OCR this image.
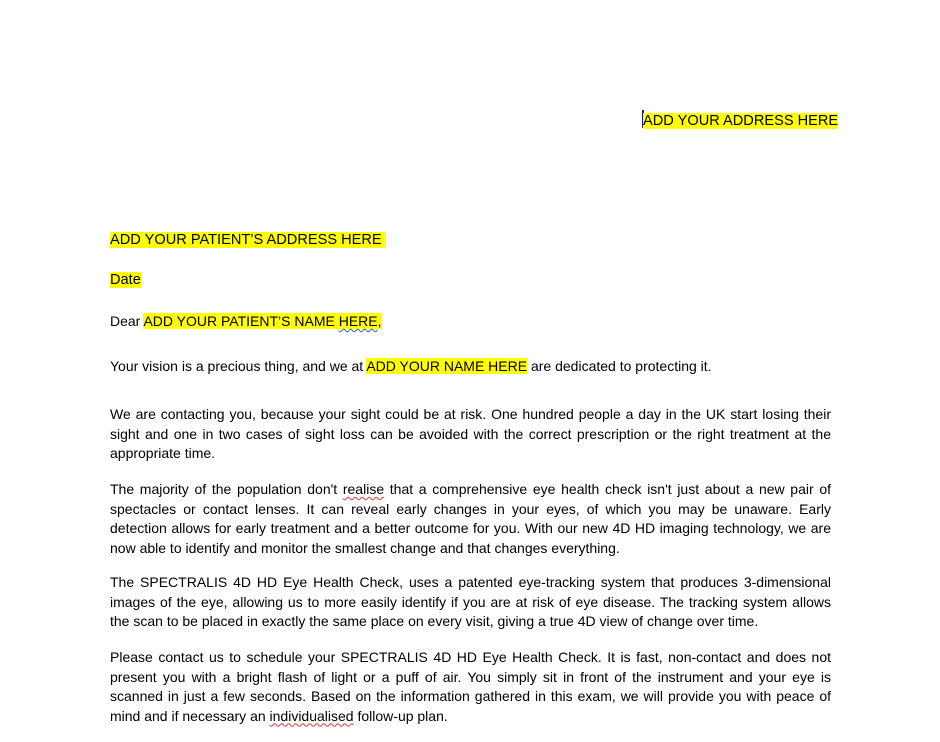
ADD YOUR ADDRESS HERE
ADD YOUR PATIENT’S ADDRESS HERE
Date
Dear ADD YOUR PATIENT’S NAME HERE,
Your vision is a precious thing, and we at ADD YOUR NAME HERE are dedicated to protecting it.

We are contacting you, because your sight could be at risk. One hundred people a day in the UK start losing their sight and one in two cases of sight loss can be avoided with the correct prescription or the right treatment at the appropriate time.

The majority of the population don't realise that a comprehensive eye health check isn't just about a new pair of spectacles or contact lenses. It can reveal early changes in your eyes, of which you may be unaware. Early detection allows for early treatment and a better outcome for you. With our new 4D HD imaging technology, we are now able to identify and monitor the smallest change and that changes everything.

The SPECTRALIS 4D HD Eye Health Check, uses a patented eye-tracking system that produces 3-dimensional images of the eye, allowing us to more easily identify if you are at risk of eye disease. The tracking system allows the scan to be placed in exactly the same place on every visit, giving a true 4D view of change over time.

Please contact us to schedule your SPECTRALIS 4D HD Eye Health Check. It is fast, non-contact and does not present you with a bright flash of light or a puff of air. You simply sit in front of the instrument and your eye is scanned in just a few seconds. Based on the information gathered in this exam, we will provide you with peace of mind and if necessary an individualised follow-up plan.
